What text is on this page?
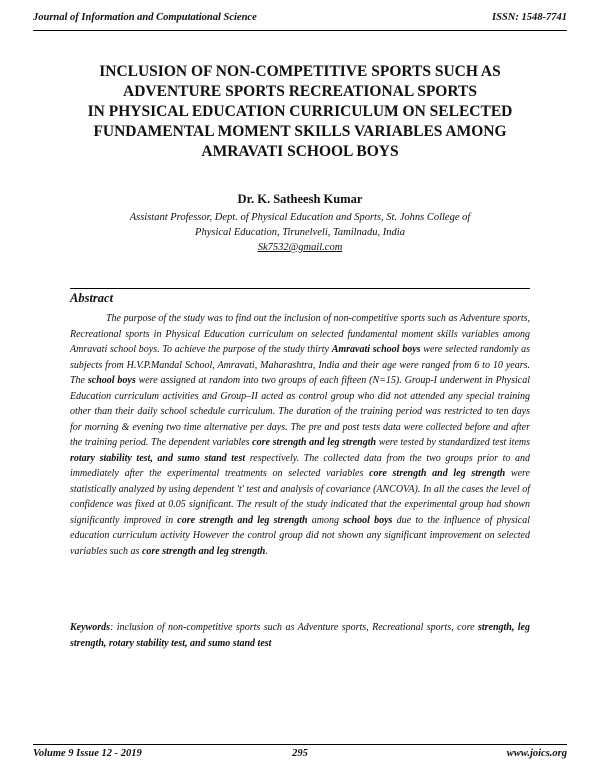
Journal of Information and Computational Science	ISSN: 1548-7741
INCLUSION OF NON-COMPETITIVE SPORTS SUCH AS
ADVENTURE SPORTS RECREATIONAL SPORTS
IN PHYSICAL EDUCATION CURRICULUM ON SELECTED
FUNDAMENTAL MOMENT SKILLS VARIABLES AMONG
AMRAVATI SCHOOL BOYS
Dr. K. Satheesh Kumar
Assistant Professor, Dept. of Physical Education and Sports, St. Johns College of
Physical Education, Tirunelveli, Tamilnadu, India
Sk7532@gmail.com
Abstract

The purpose of the study was to find out the inclusion of non-competitive sports such as Adventure sports, Recreational sports in Physical Education curriculum on selected fundamental moment skills variables among Amravati school boys. To achieve the purpose of the study thirty Amravati school boys were selected randomly as subjects from H.V.P.Mandal School, Amravati, Maharashtra, India and their age were ranged from 6 to 10 years. The school boys were assigned at random into two groups of each fifteen (N=15). Group-I underwent in Physical Education curriculum activities and Group–II acted as control group who did not attended any special training other than their daily school schedule curriculum. The duration of the training period was restricted to ten days for morning & evening two time alternative per days. The pre and post tests data were collected before and after the training period. The dependent variables core strength and leg strength were tested by standardized test items rotary stability test, and sumo stand test respectively. The collected data from the two groups prior to and immediately after the experimental treatments on selected variables core strength and leg strength were statistically analyzed by using dependent 't' test and analysis of covariance (ANCOVA). In all the cases the level of confidence was fixed at 0.05 significant. The result of the study indicated that the experimental group had shown significantly improved in core strength and leg strength among school boys due to the influence of physical education curriculum activity However the control group did not shown any significant improvement on selected variables such as core strength and leg strength.

Keywords: inclusion of non-competitive sports such as Adventure sports, Recreational sports, core strength, leg strength, rotary stability test, and sumo stand test
Volume 9 Issue 12 - 2019	295	www.joics.org
